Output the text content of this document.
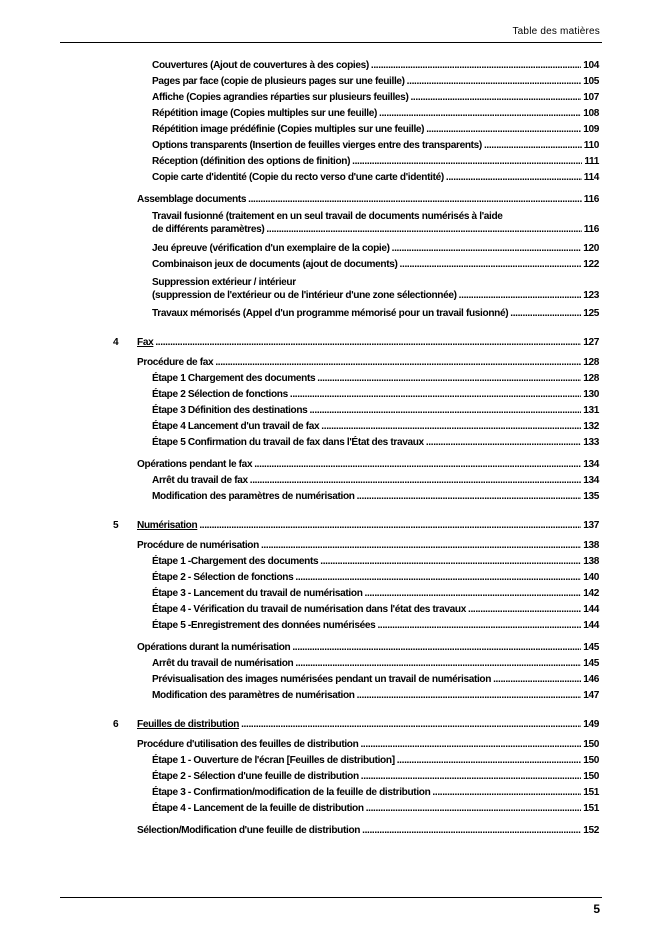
Table des matières
Couvertures (Ajout de couvertures à des copies) .....	104
Pages par face (copie de plusieurs pages sur une feuille) .....	105
Affiche (Copies agrandies réparties sur plusieurs feuilles) .....	107
Répétition image (Copies multiples sur une feuille) .....	108
Répétition image prédéfinie (Copies multiples sur une feuille) .....	109
Options transparents (Insertion de feuilles vierges entre des transparents) .....	110
Réception (définition des options de finition) .....	111
Copie carte d'identité (Copie du recto verso d'une carte d'identité) .....	114
Assemblage documents .....	116
Travail fusionné (traitement en un seul travail de documents numérisés à l'aide
de différents paramètres) .....	116
Jeu épreuve (vérification d'un exemplaire de la copie) .....	120
Combinaison jeux de documents (ajout de documents) .....	122
Suppression extérieur / intérieur
(suppression de l'extérieur ou de l'intérieur d'une zone sélectionnée) .....	123
Travaux mémorisés (Appel d'un programme mémorisé pour un travail fusionné) .....	125
4	Fax .....	127
Procédure de fax .....	128
Étape 1 Chargement des documents .....	128
Étape 2 Sélection de fonctions .....	130
Étape 3 Définition des destinations .....	131
Étape 4 Lancement d'un travail de fax .....	132
Étape 5 Confirmation du travail de fax dans l'État des travaux .....	133
Opérations pendant le fax .....	134
Arrêt du travail de fax .....	134
Modification des paramètres de numérisation .....	135
5	Numérisation .....	137
Procédure de numérisation .....	138
Étape 1 -Chargement des documents .....	138
Étape 2 - Sélection de fonctions .....	140
Étape 3 - Lancement du travail de numérisation .....	142
Étape 4 - Vérification du travail de numérisation dans l'état des travaux .....	144
Étape 5 -Enregistrement des données numérisées .....	144
Opérations durant la numérisation .....	145
Arrêt du travail de numérisation .....	145
Prévisualisation des images numérisées pendant un travail de numérisation .....	146
Modification des paramètres de numérisation .....	147
6	Feuilles de distribution .....	149
Procédure d'utilisation des feuilles de distribution .....	150
Étape 1 - Ouverture de l'écran [Feuilles de distribution] .....	150
Étape 2 - Sélection d'une feuille de distribution .....	150
Étape 3 - Confirmation/modification de la feuille de distribution .....	151
Étape 4 - Lancement de la feuille de distribution .....	151
Sélection/Modification d'une feuille de distribution .....	152
5
